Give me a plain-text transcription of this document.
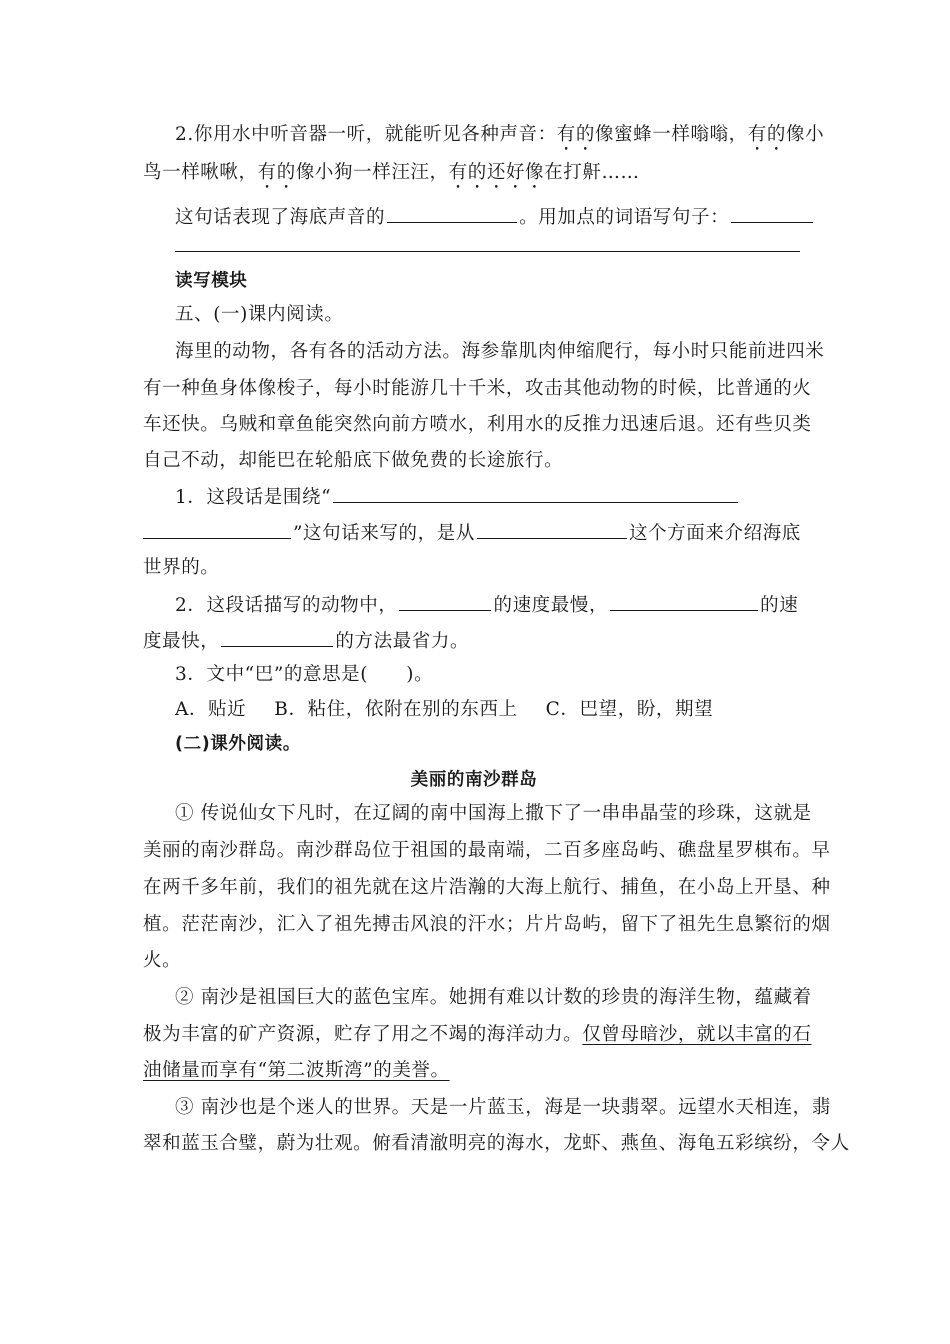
2.你用水中听音器一听，就能听见各种声音：有的像蜜蜂一样嗡嗡，有的像小
鸟一样啾啾，有的像小狗一样汪汪，有的还好像在打鼾……
这句话表现了海底声音的	。用加点的词语写句子：
读写模块
五、(一)课内阅读。
海里的动物，各有各的活动方法。海参靠肌肉伸缩爬行，每小时只能前进四米
有一种鱼身体像梭子，每小时能游几十千米，攻击其他动物的时候，比普通的火
车还快。乌贼和章鱼能突然向前方喷水，利用水的反推力迅速后退。还有些贝类
自己不动，却能巴在轮船底下做免费的长途旅行。
1．这段话是围绕“
”这句话来写的，是从	这个方面来介绍海底
世界的。
2．这段话描写的动物中，	的速度最慢，	的速
度最快，	的方法最省力。
3．文中“巴”的意思是(　　)。
A．贴近 B．粘住，依附在别的东西上 C．巴望，盼，期望
(二)课外阅读。
美丽的南沙群岛
① 传说仙女下凡时，在辽阔的南中国海上撒下了一串串晶莹的珍珠，这就是
美丽的南沙群岛。南沙群岛位于祖国的最南端，二百多座岛屿、礁盘星罗棋布。早
在两千多年前，我们的祖先就在这片浩瀚的大海上航行、捕鱼，在小岛上开垦、种
植。茫茫南沙，汇入了祖先搏击风浪的汗水；片片岛屿，留下了祖先生息繁衍的烟
火。
② 南沙是祖国巨大的蓝色宝库。她拥有难以计数的珍贵的海洋生物，蕴藏着
极为丰富的矿产资源，贮存了用之不竭的海洋动力。仅曾母暗沙，就以丰富的石
油储量而享有“第二波斯湾”的美誉。
③ 南沙也是个迷人的世界。天是一片蓝玉，海是一块翡翠。远望水天相连，翡
翠和蓝玉合璧，蔚为壮观。俯看清澈明亮的海水，龙虾、燕鱼、海龟五彩缤纷，令人
